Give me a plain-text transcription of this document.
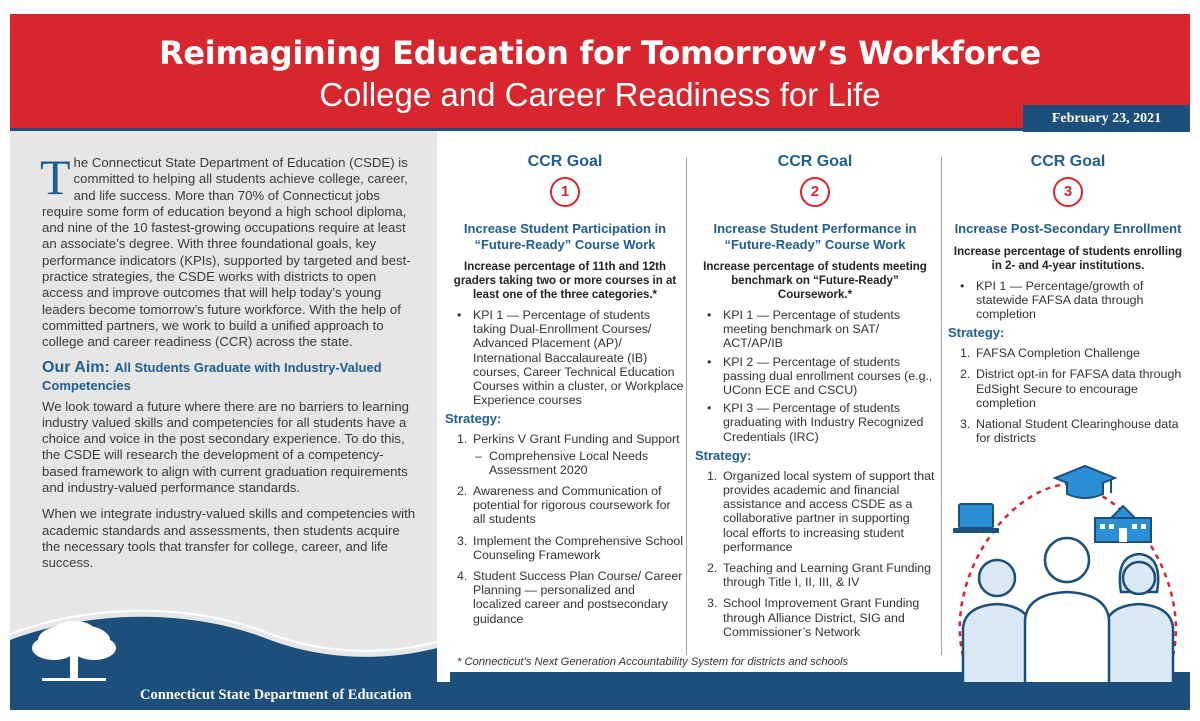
Reimagining Education for Tomorrow’s Workforce
College and Career Readiness for Life
February 23, 2021

The Connecticut State Department of Education (CSDE) is committed to helping all students achieve college, career, and life success. More than 70% of Connecticut jobs require some form of education beyond a high school diploma, and nine of the 10 fastest-growing occupations require at least an associate’s degree. With three foundational goals, key performance indicators (KPIs), supported by targeted and best-practice strategies, the CSDE works with districts to open access and improve outcomes that will help today’s young leaders become tomorrow’s future workforce. With the help of committed partners, we work to build a unified approach to college and career readiness (CCR) across the state.

Our Aim: All Students Graduate with Industry-Valued Competencies

We look toward a future where there are no barriers to learning industry valued skills and competencies for all students have a choice and voice in the post secondary experience. To do this, the CSDE will research the development of a competency-based framework to align with current graduation requirements and industry-valued performance standards.

When we integrate industry-valued skills and competencies with academic standards and assessments, then students acquire the necessary tools that transfer for college, career, and life success.

Connecticut State Department of Education
CCR Goal
1
Increase Student Participation in “Future-Ready” Course Work
Increase percentage of 11th and 12th graders taking two or more courses in at least one of the three categories.*
• KPI 1 — Percentage of students taking Dual-Enrollment Courses/ Advanced Placement (AP)/ International Baccalaureate (IB) courses, Career Technical Education Courses within a cluster, or Workplace Experience courses
Strategy:
1. Perkins V Grant Funding and Support
– Comprehensive Local Needs Assessment 2020
2. Awareness and Communication of potential for rigorous coursework for all students
3. Implement the Comprehensive School Counseling Framework
4. Student Success Plan Course/ Career Planning — personalized and localized career and postsecondary guidance
CCR Goal
2
Increase Student Performance in “Future-Ready” Course Work
Increase percentage of students meeting benchmark on “Future-Ready” Coursework.*
• KPI 1 — Percentage of students meeting benchmark on SAT/ ACT/AP/IB
• KPI 2 — Percentage of students passing dual enrollment courses (e.g., UConn ECE and CSCU)
• KPI 3 — Percentage of students graduating with Industry Recognized Credentials (IRC)
Strategy:
1. Organized local system of support that provides academic and financial assistance and access CSDE as a collaborative partner in supporting local efforts to increasing student performance
2. Teaching and Learning Grant Funding through Title I, II, III, & IV
3. School Improvement Grant Funding through Alliance District, SIG and Commissioner’s Network
CCR Goal
3
Increase Post-Secondary Enrollment
Increase percentage of students enrolling in 2- and 4-year institutions.
• KPI 1 — Percentage/growth of statewide FAFSA data through completion
Strategy:
1. FAFSA Completion Challenge
2. District opt-in for FAFSA data through EdSight Secure to encourage completion
3. National Student Clearinghouse data for districts
* Connecticut’s Next Generation Accountability System for districts and schools
